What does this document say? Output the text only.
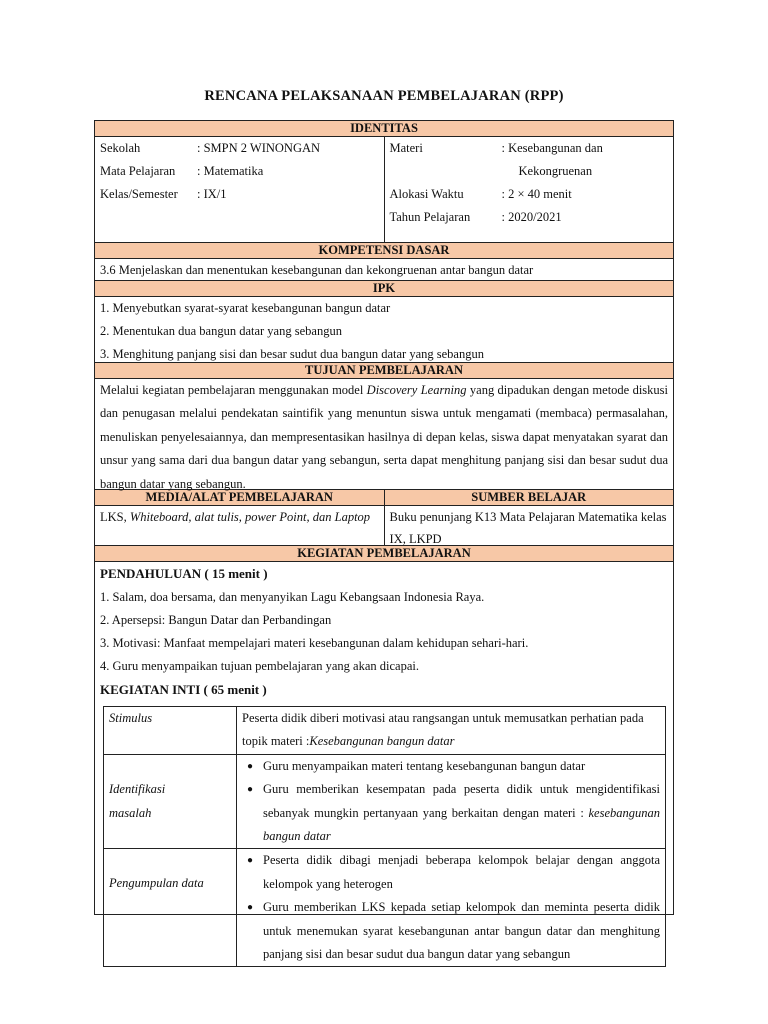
RENCANA PELAKSANAAN PEMBELAJARAN (RPP)
IDENTITAS
Sekolah	: SMPN 2 WINONGAN
Mata Pelajaran	: Matematika
Kelas/Semester	: IX/1
Materi	: Kesebangunan dan
Kekongruenan
Alokasi Waktu	: 2 × 40 menit
Tahun Pelajaran	: 2020/2021
KOMPETENSI DASAR
3.6 Menjelaskan dan menentukan kesebangunan dan kekongruenan antar bangun datar
IPK
1. Menyebutkan syarat-syarat kesebangunan bangun datar
2. Menentukan dua bangun datar yang sebangun
3. Menghitung panjang sisi dan besar sudut dua bangun datar yang sebangun
TUJUAN PEMBELAJARAN
Melalui kegiatan pembelajaran menggunakan model Discovery Learning yang dipadukan dengan metode diskusi dan penugasan melalui pendekatan saintifik yang menuntun siswa untuk mengamati (membaca) permasalahan, menuliskan penyelesaiannya, dan mempresentasikan hasilnya di depan kelas, siswa dapat menyatakan syarat dan unsur yang sama dari dua bangun datar yang sebangun, serta dapat menghitung panjang sisi dan besar sudut dua bangun datar yang sebangun.
MEDIA/ALAT PEMBELAJARAN	SUMBER BELAJAR
LKS, Whiteboard, alat tulis, power Point, dan Laptop	Buku penunjang K13 Mata Pelajaran Matematika kelas IX, LKPD
KEGIATAN PEMBELAJARAN
PENDAHULUAN ( 15 menit )
1. Salam, doa bersama, dan menyanyikan Lagu Kebangsaan Indonesia Raya.
2. Apersepsi: Bangun Datar dan Perbandingan
3. Motivasi: Manfaat mempelajari materi kesebangunan dalam kehidupan sehari-hari.
4. Guru menyampaikan tujuan pembelajaran yang akan dicapai.
KEGIATAN INTI ( 65 menit )
Stimulus	Peserta didik diberi motivasi atau rangsangan untuk memusatkan perhatian pada topik materi :Kesebangunan bangun datar

Identifikasi masalah	● Guru menyampaikan materi tentang kesebangunan bangun datar
● Guru memberikan kesempatan pada peserta didik untuk mengidentifikasi sebanyak mungkin pertanyaan yang berkaitan dengan materi : kesebangunan bangun datar

Pengumpulan data	● Peserta didik dibagi menjadi beberapa kelompok belajar dengan anggota kelompok yang heterogen
● Guru memberikan LKS kepada setiap kelompok dan meminta peserta didik untuk menemukan syarat kesebangunan antar bangun datar dan menghitung panjang sisi dan besar sudut dua bangun datar yang sebangun
